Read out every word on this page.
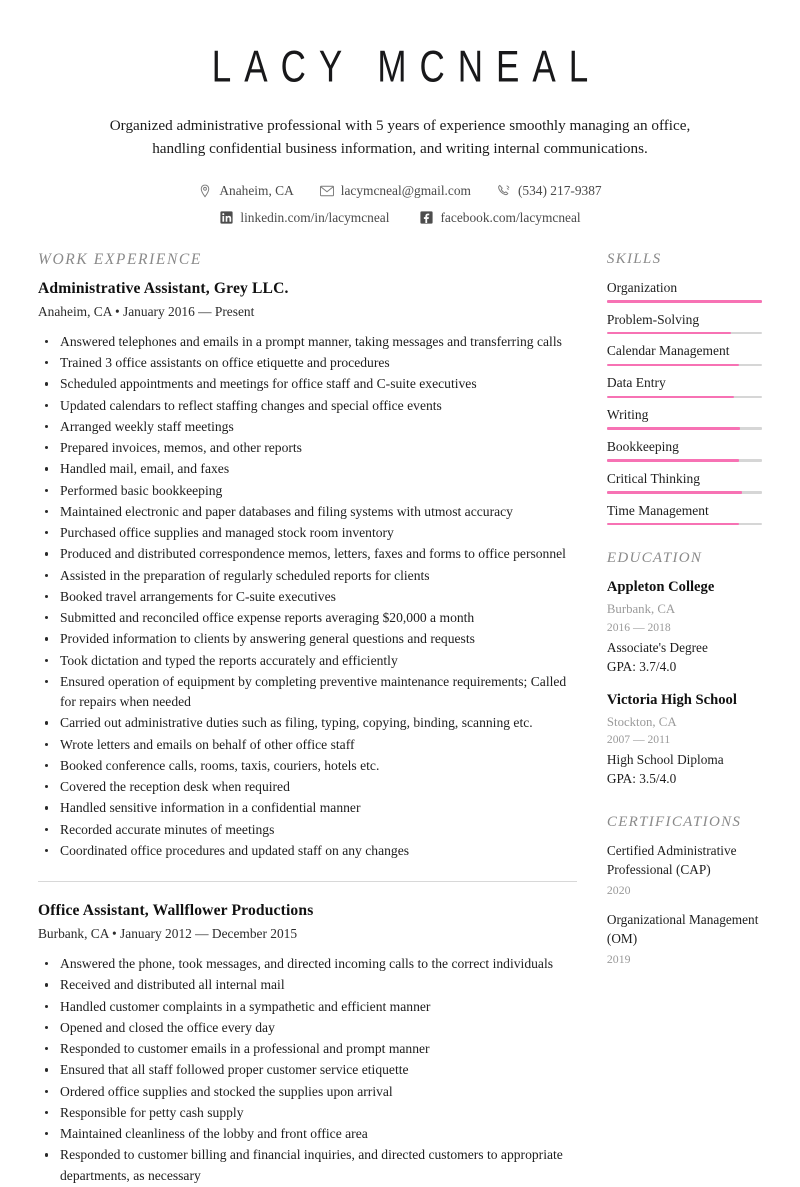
LACY MCNEAL

Organized administrative professional with 5 years of experience smoothly managing an office, handling confidential business information, and writing internal communications.

Anaheim, CA	lacymcneal@gmail.com	(534) 217-9387
linkedin.com/in/lacymcneal	facebook.com/lacymcneal
WORK EXPERIENCE
Administrative Assistant, Grey LLC.
Anaheim, CA • January 2016 — Present
Answered telephones and emails in a prompt manner, taking messages and transferring calls
Trained 3 office assistants on office etiquette and procedures
Scheduled appointments and meetings for office staff and C-suite executives
Updated calendars to reflect staffing changes and special office events
Arranged weekly staff meetings
Prepared invoices, memos, and other reports
Handled mail, email, and faxes
Performed basic bookkeeping
Maintained electronic and paper databases and filing systems with utmost accuracy
Purchased office supplies and managed stock room inventory
Produced and distributed correspondence memos, letters, faxes and forms to office personnel
Assisted in the preparation of regularly scheduled reports for clients
Booked travel arrangements for C-suite executives
Submitted and reconciled office expense reports averaging $20,000 a month
Provided information to clients by answering general questions and requests
Took dictation and typed the reports accurately and efficiently
Ensured operation of equipment by completing preventive maintenance requirements; Called for repairs when needed
Carried out administrative duties such as filing, typing, copying, binding, scanning etc.
Wrote letters and emails on behalf of other office staff
Booked conference calls, rooms, taxis, couriers, hotels etc.
Covered the reception desk when required
Handled sensitive information in a confidential manner
Recorded accurate minutes of meetings
Coordinated office procedures and updated staff on any changes
Office Assistant, Wallflower Productions
Burbank, CA • January 2012 — December 2015
Answered the phone, took messages, and directed incoming calls to the correct individuals
Received and distributed all internal mail
Handled customer complaints in a sympathetic and efficient manner
Opened and closed the office every day
Responded to customer emails in a professional and prompt manner
Ensured that all staff followed proper customer service etiquette
Ordered office supplies and stocked the supplies upon arrival
Responsible for petty cash supply
Maintained cleanliness of the lobby and front office area
Responded to customer billing and financial inquiries, and directed customers to appropriate departments, as necessary
SKILLS
Organization
Problem-Solving
Calendar Management
Data Entry
Writing
Bookkeeping
Critical Thinking
Time Management
EDUCATION
Appleton College
Burbank, CA
2016 — 2018
Associate's Degree
GPA: 3.7/4.0
Victoria High School
Stockton, CA
2007 — 2011
High School Diploma
GPA: 3.5/4.0
CERTIFICATIONS
Certified Administrative Professional (CAP)
2020
Organizational Management (OM)
2019
